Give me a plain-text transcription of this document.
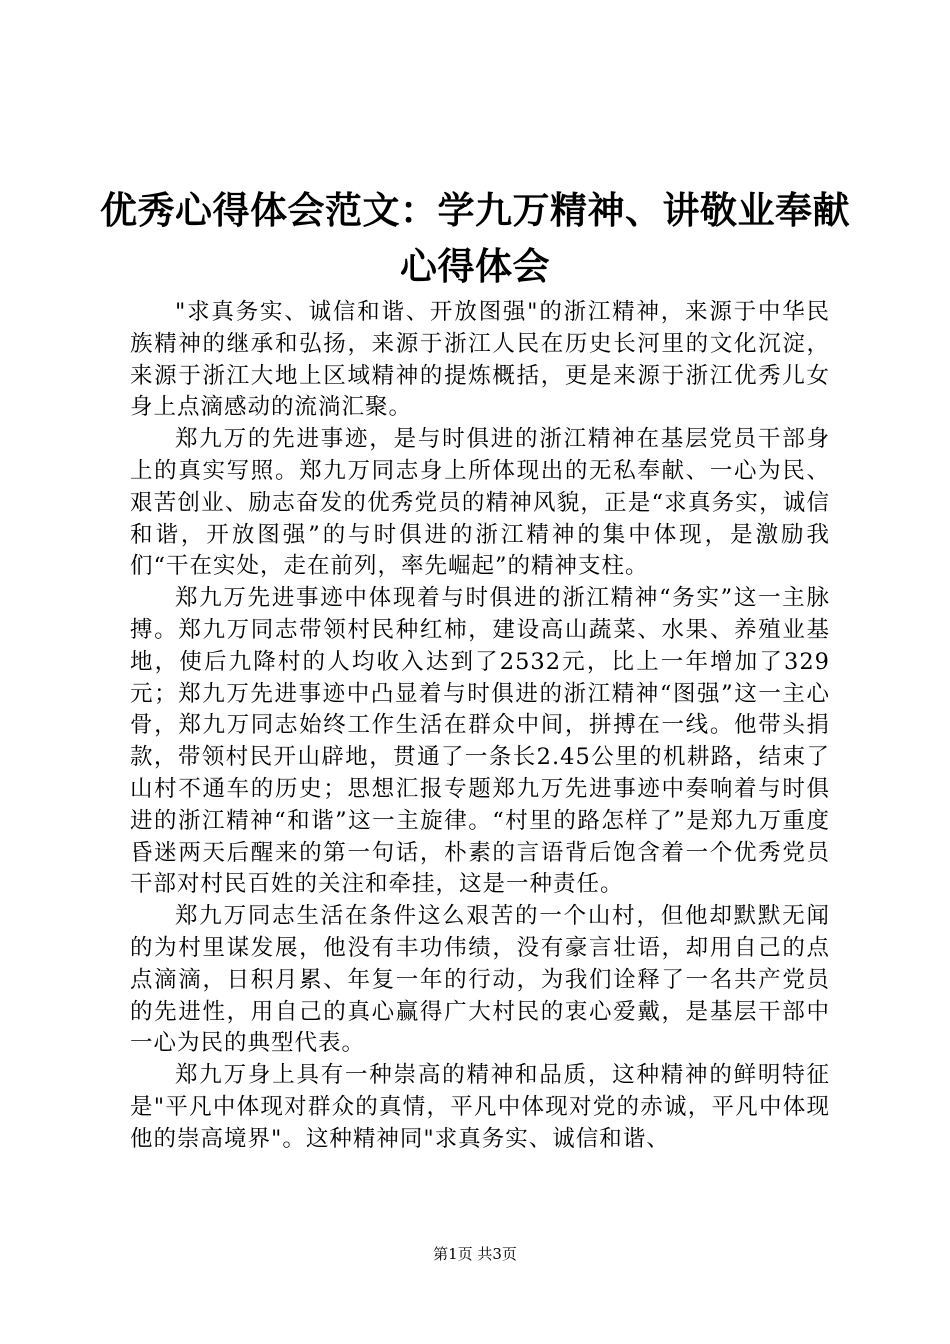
优秀心得体会范文：学九万精神、讲敬业奉献
心得体会

"求真务实、诚信和谐、开放图强"的浙江精神，来源于中华民族精神的继承和弘扬，来源于浙江人民在历史长河里的文化沉淀，来源于浙江大地上区域精神的提炼概括，更是来源于浙江优秀儿女身上点滴感动的流淌汇聚。

郑九万的先进事迹，是与时俱进的浙江精神在基层党员干部身上的真实写照。郑九万同志身上所体现出的无私奉献、一心为民、艰苦创业、励志奋发的优秀党员的精神风貌，正是“求真务实，诚信和谐，开放图强”的与时俱进的浙江精神的集中体现，是激励我们“干在实处，走在前列，率先崛起”的精神支柱。

郑九万先进事迹中体现着与时俱进的浙江精神“务实”这一主脉搏。郑九万同志带领村民种红柿，建设高山蔬菜、水果、养殖业基地，使后九降村的人均收入达到了2532元，比上一年增加了329元；郑九万先进事迹中凸显着与时俱进的浙江精神“图强”这一主心骨，郑九万同志始终工作生活在群众中间，拼搏在一线。他带头捐款，带领村民开山辟地，贯通了一条长2.45公里的机耕路，结束了山村不通车的历史；思想汇报专题郑九万先进事迹中奏响着与时俱进的浙江精神“和谐”这一主旋律。“村里的路怎样了”是郑九万重度昏迷两天后醒来的第一句话，朴素的言语背后饱含着一个优秀党员干部对村民百姓的关注和牵挂，这是一种责任。

郑九万同志生活在条件这么艰苦的一个山村，但他却默默无闻的为村里谋发展，他没有丰功伟绩，没有豪言壮语，却用自己的点点滴滴，日积月累、年复一年的行动，为我们诠释了一名共产党员的先进性，用自己的真心赢得广大村民的衷心爱戴，是基层干部中一心为民的典型代表。

郑九万身上具有一种崇高的精神和品质，这种精神的鲜明特征是"平凡中体现对群众的真情，平凡中体现对党的赤诚，平凡中体现他的崇高境界"。这种精神同"求真务实、诚信和谐、

第1页 共3页
